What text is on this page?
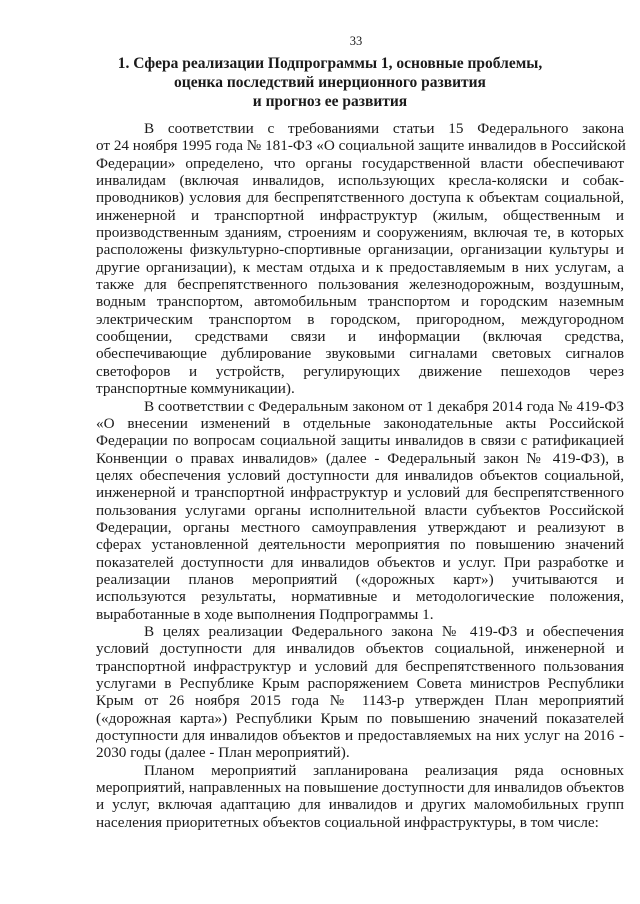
33
1. Сфера реализации Подпрограммы 1, основные проблемы,
оценка последствий инерционного развития
и прогноз ее развития
В соответствии с требованиями статьи 15 Федерального закона
от 24 ноября 1995 года № 181-ФЗ «О социальной защите инвалидов в Российской
Федерации» определено, что органы государственной власти обеспечивают
инвалидам (включая инвалидов, использующих кресла-коляски и собак-
проводников) условия для беспрепятственного доступа к объектам социальной,
инженерной и транспортной инфраструктур (жилым, общественным и
производственным зданиям, строениям и сооружениям, включая те, в которых
расположены физкультурно-спортивные организации, организации культуры и
другие организации), к местам отдыха и к предоставляемым в них услугам, а
также для беспрепятственного пользования железнодорожным, воздушным,
водным транспортом, автомобильным транспортом и городским наземным
электрическим транспортом в городском, пригородном, междугородном
сообщении, средствами связи и информации (включая средства,
обеспечивающие дублирование звуковыми сигналами световых сигналов
светофоров и устройств, регулирующих движение пешеходов через
транспортные коммуникации).
В соответствии с Федеральным законом от 1 декабря 2014 года № 419-ФЗ
«О внесении изменений в отдельные законодательные акты Российской
Федерации по вопросам социальной защиты инвалидов в связи с ратификацией
Конвенции о правах инвалидов» (далее - Федеральный закон № 419-ФЗ), в
целях обеспечения условий доступности для инвалидов объектов социальной,
инженерной и транспортной инфраструктур и условий для беспрепятственного
пользования услугами органы исполнительной власти субъектов Российской
Федерации, органы местного самоуправления утверждают и реализуют в
сферах установленной деятельности мероприятия по повышению значений
показателей доступности для инвалидов объектов и услуг. При разработке и
реализации планов мероприятий («дорожных карт») учитываются и
используются результаты, нормативные и методологические положения,
выработанные в ходе выполнения Подпрограммы 1.
В целях реализации Федерального закона № 419-ФЗ и обеспечения
условий доступности для инвалидов объектов социальной, инженерной и
транспортной инфраструктур и условий для беспрепятственного пользования
услугами в Республике Крым распоряжением Совета министров Республики
Крым от 26 ноября 2015 года № 1143-р утвержден План мероприятий
(«дорожная карта») Республики Крым по повышению значений показателей
доступности для инвалидов объектов и предоставляемых на них услуг на 2016 -
2030 годы (далее - План мероприятий).
Планом мероприятий запланирована реализация ряда основных
мероприятий, направленных на повышение доступности для инвалидов объектов
и услуг, включая адаптацию для инвалидов и других маломобильных групп
населения приоритетных объектов социальной инфраструктуры, в том числе:
